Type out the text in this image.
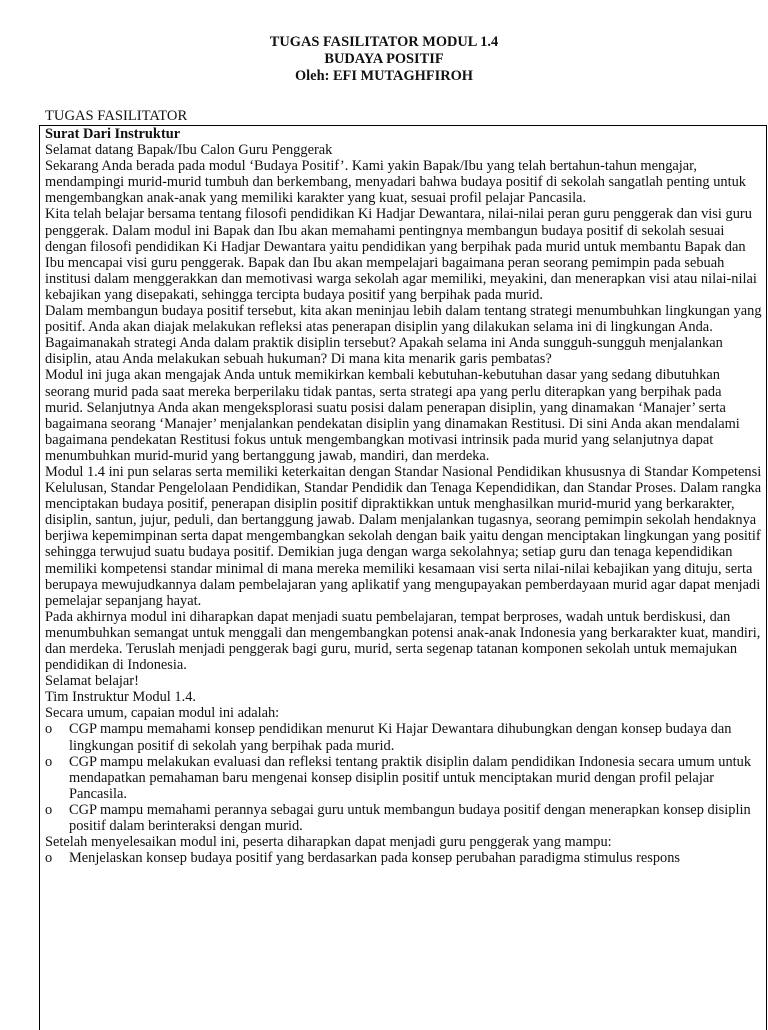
TUGAS FASILITATOR MODUL 1.4
BUDAYA POSITIF
Oleh: EFI MUTAGHFIROH
TUGAS FASILITATOR

Surat Dari Instruktur

Selamat datang Bapak/Ibu Calon Guru Penggerak

Sekarang Anda berada pada modul ‘Budaya Positif’. Kami yakin Bapak/Ibu yang telah bertahun-tahun mengajar, mendampingi murid-murid tumbuh dan berkembang, menyadari bahwa budaya positif di sekolah sangatlah penting untuk mengembangkan anak-anak yang memiliki karakter yang kuat, sesuai profil pelajar Pancasila.

Kita telah belajar bersama tentang filosofi pendidikan Ki Hadjar Dewantara, nilai-nilai peran guru penggerak dan visi guru penggerak. Dalam modul ini Bapak dan Ibu akan memahami pentingnya membangun budaya positif di sekolah sesuai dengan filosofi pendidikan Ki Hadjar Dewantara yaitu pendidikan yang berpihak pada murid untuk membantu Bapak dan Ibu mencapai visi guru penggerak. Bapak dan Ibu akan mempelajari bagaimana peran seorang pemimpin pada sebuah institusi dalam menggerakkan dan memotivasi warga sekolah agar memiliki, meyakini, dan menerapkan visi atau nilai-nilai kebajikan yang disepakati, sehingga tercipta budaya positif yang berpihak pada murid.

Dalam membangun budaya positif tersebut, kita akan meninjau lebih dalam tentang strategi menumbuhkan lingkungan yang positif. Anda akan diajak melakukan refleksi atas penerapan disiplin yang dilakukan selama ini di lingkungan Anda. Bagaimanakah strategi Anda dalam praktik disiplin tersebut? Apakah selama ini Anda sungguh-sungguh menjalankan disiplin, atau Anda melakukan sebuah hukuman? Di mana kita menarik garis pembatas?

Modul ini juga akan mengajak Anda untuk memikirkan kembali kebutuhan-kebutuhan dasar yang sedang dibutuhkan seorang murid pada saat mereka berperilaku tidak pantas, serta strategi apa yang perlu diterapkan yang berpihak pada murid. Selanjutnya Anda akan mengeksplorasi suatu posisi dalam penerapan disiplin, yang dinamakan ‘Manajer’ serta bagaimana seorang ‘Manajer’ menjalankan pendekatan disiplin yang dinamakan Restitusi. Di sini Anda akan mendalami bagaimana pendekatan Restitusi fokus untuk mengembangkan motivasi intrinsik pada murid yang selanjutnya dapat menumbuhkan murid-murid yang bertanggung jawab, mandiri, dan merdeka.

Modul 1.4 ini pun selaras serta memiliki keterkaitan dengan Standar Nasional Pendidikan khususnya di Standar Kompetensi Kelulusan, Standar Pengelolaan Pendidikan, Standar Pendidik dan Tenaga Kependidikan, dan Standar Proses. Dalam rangka menciptakan budaya positif, penerapan disiplin positif dipraktikkan untuk menghasilkan murid-murid yang berkarakter, disiplin, santun, jujur, peduli, dan bertanggung jawab. Dalam menjalankan tugasnya, seorang pemimpin sekolah hendaknya berjiwa kepemimpinan serta dapat mengembangkan sekolah dengan baik yaitu dengan menciptakan lingkungan yang positif sehingga terwujud suatu budaya positif. Demikian juga dengan warga sekolahnya; setiap guru dan tenaga kependidikan memiliki kompetensi standar minimal di mana mereka memiliki kesamaan visi serta nilai-nilai kebajikan yang dituju, serta berupaya mewujudkannya dalam pembelajaran yang aplikatif yang mengupayakan pemberdayaan murid agar dapat menjadi pemelajar sepanjang hayat.

Pada akhirnya modul ini diharapkan dapat menjadi suatu pembelajaran, tempat berproses, wadah untuk berdiskusi, dan menumbuhkan semangat untuk menggali dan mengembangkan potensi anak-anak Indonesia yang berkarakter kuat, mandiri, dan merdeka. Teruslah menjadi penggerak bagi guru, murid, serta segenap tatanan komponen sekolah untuk memajukan pendidikan di Indonesia.

Selamat belajar!

Tim Instruktur Modul 1.4.

Secara umum, capaian modul ini adalah:

o CGP mampu memahami konsep pendidikan menurut Ki Hajar Dewantara dihubungkan dengan konsep budaya dan lingkungan positif di sekolah yang berpihak pada murid.
o CGP mampu melakukan evaluasi dan refleksi tentang praktik disiplin dalam pendidikan Indonesia secara umum untuk mendapatkan pemahaman baru mengenai konsep disiplin positif untuk menciptakan murid dengan profil pelajar Pancasila.
o CGP mampu memahami perannya sebagai guru untuk membangun budaya positif dengan menerapkan konsep disiplin positif dalam berinteraksi dengan murid.

Setelah menyelesaikan modul ini, peserta diharapkan dapat menjadi guru penggerak yang mampu:

o Menjelaskan konsep budaya positif yang berdasarkan pada konsep perubahan paradigma stimulus respons
